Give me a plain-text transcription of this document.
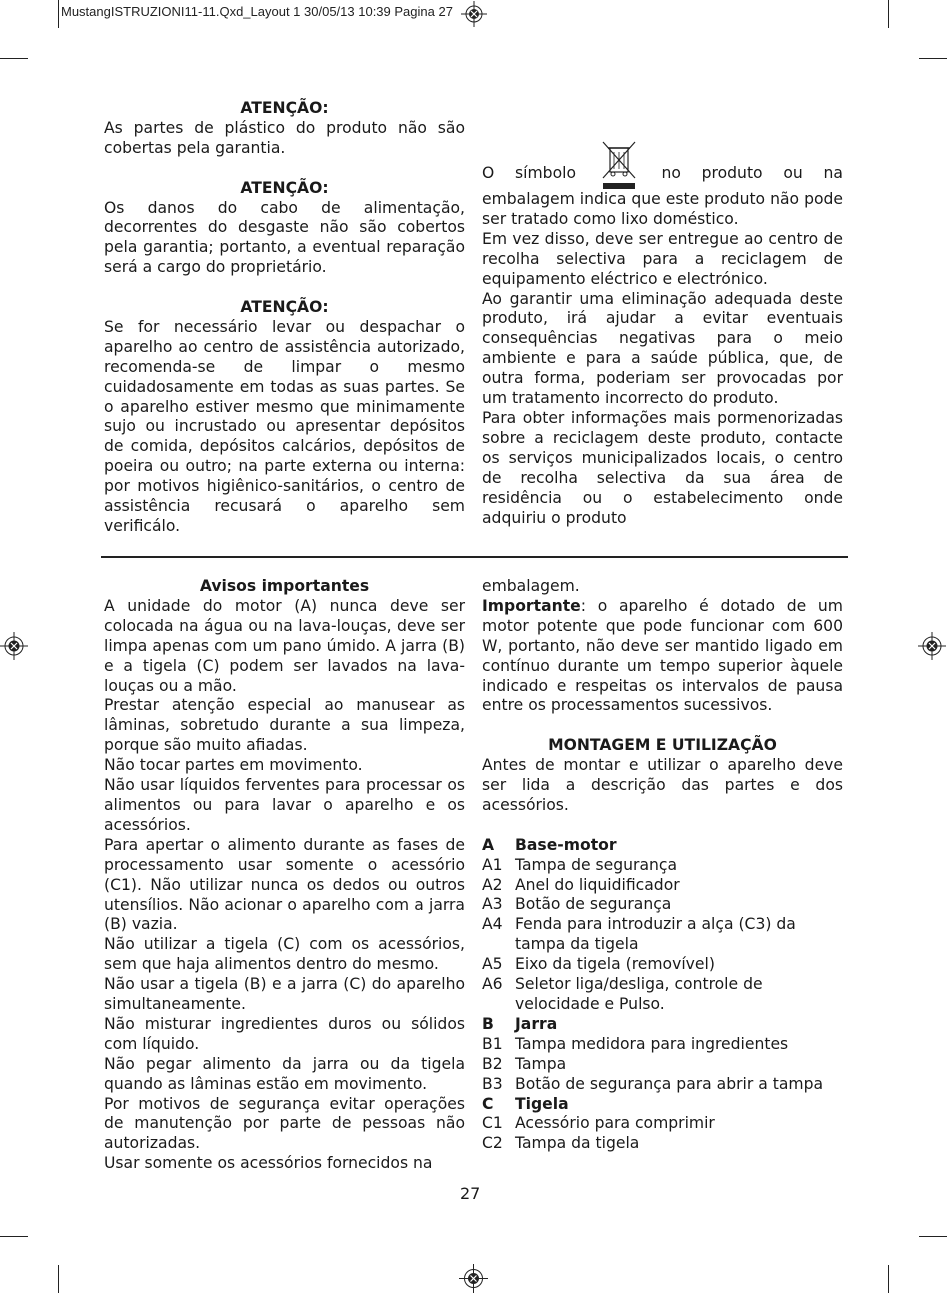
MustangISTRUZIONI11-11.Qxd_Layout 1 30/05/13 10:39 Pagina 27

ATENÇÃO:

As partes de plástico do produto não são cobertas pela garantia.

ATENÇÃO:

Os danos do cabo de alimentação, decorrentes do desgaste não são cobertos pela garantia; portanto, a eventual reparação será a cargo do proprietário.

ATENÇÃO:

Se for necessário levar ou despachar o aparelho ao centro de assistência autorizado, recomenda-se de limpar o mesmo cuidadosamente em todas as suas partes. Se o aparelho estiver mesmo que minimamente sujo ou incrustado ou apresentar depósitos de comida, depósitos calcários, depósitos de poeira ou outro; na parte externa ou interna: por motivos higiênico-sanitários, o centro de assistência recusará o aparelho sem verificálo.

O símbolo	no produto ou na embalagem indica que este produto não pode ser tratado como lixo doméstico.

Em vez disso, deve ser entregue ao centro de recolha selectiva para a reciclagem de equipamento eléctrico e electrónico.

Ao garantir uma eliminação adequada deste produto, irá ajudar a evitar eventuais consequências negativas para o meio ambiente e para a saúde pública, que, de outra forma, poderiam ser provocadas por um tratamento incorrecto do produto.

Para obter informações mais pormenorizadas sobre a reciclagem deste produto, contacte os serviços municipalizados locais, o centro de recolha selectiva da sua área de residência ou o estabelecimento onde adquiriu o produto

Avisos importantes

A unidade do motor (A) nunca deve ser colocada na água ou na lava-louças, deve ser limpa apenas com um pano úmido. A jarra (B) e a tigela (C) podem ser lavados na lava-louças ou a mão.

Prestar atenção especial ao manusear as lâminas, sobretudo durante a sua limpeza, porque são muito afiadas.

Não tocar partes em movimento.

Não usar líquidos ferventes para processar os alimentos ou para lavar o aparelho e os acessórios.

Para apertar o alimento durante as fases de processamento usar somente o acessório (C1). Não utilizar nunca os dedos ou outros utensílios. Não acionar o aparelho com a jarra (B) vazia.

Não utilizar a tigela (C) com os acessórios, sem que haja alimentos dentro do mesmo.

Não usar a tigela (B) e a jarra (C) do aparelho simultaneamente.

Não misturar ingredientes duros ou sólidos com líquido.

Não pegar alimento da jarra ou da tigela quando as lâminas estão em movimento.

Por motivos de segurança evitar operações de manutenção por parte de pessoas não autorizadas.

Usar somente os acessórios fornecidos na

embalagem.

Importante: o aparelho é dotado de um motor potente que pode funcionar com 600 W, portanto, não deve ser mantido ligado em contínuo durante um tempo superior àquele indicado e respeitas os intervalos de pausa entre os processamentos sucessivos.

MONTAGEM E UTILIZAÇÃO

Antes de montar e utilizar o aparelho deve ser lida a descrição das partes e dos acessórios.

A	Base-motor
A1 Tampa de segurança
A2 Anel do liquidificador
A3 Botão de segurança
A4 Fenda para introduzir a alça (C3) da tampa da tigela
A5 Eixo da tigela (removível)
A6 Seletor liga/desliga, controle de velocidade e Pulso.
B	Jarra
B1 Tampa medidora para ingredientes
B2 Tampa
B3 Botão de segurança para abrir a tampa
C	Tigela
C1 Acessório para comprimir
C2 Tampa da tigela
27
